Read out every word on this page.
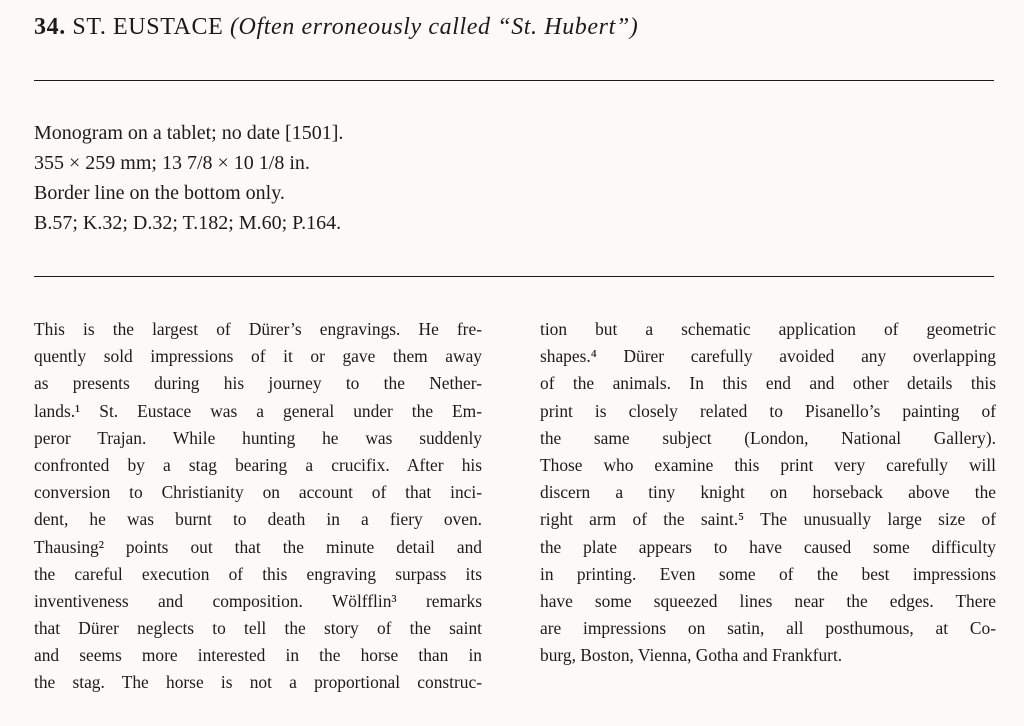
34. ST. EUSTACE (Often erroneously called “St. Hubert”)
Monogram on a tablet; no date [1501].
355 × 259 mm; 13 7/8 × 10 1/8 in.
Border line on the bottom only.
B.57; K.32; D.32; T.182; M.60; P.164.
This is the largest of Dürer’s engravings. He fre-
quently sold impressions of it or gave them away
as presents during his journey to the Nether-
lands.¹ St. Eustace was a general under the Em-
peror Trajan. While hunting he was suddenly
confronted by a stag bearing a crucifix. After his
conversion to Christianity on account of that inci-
dent, he was burnt to death in a fiery oven.
Thausing² points out that the minute detail and
the careful execution of this engraving surpass its
inventiveness and composition. Wölfflin³ remarks
that Dürer neglects to tell the story of the saint
and seems more interested in the horse than in
the stag. The horse is not a proportional construc-
tion but a schematic application of geometric
shapes.⁴ Dürer carefully avoided any overlapping
of the animals. In this end and other details this
print is closely related to Pisanello’s painting of
the same subject (London, National Gallery).
Those who examine this print very carefully will
discern a tiny knight on horseback above the
right arm of the saint.⁵ The unusually large size of
the plate appears to have caused some difficulty
in printing. Even some of the best impressions
have some squeezed lines near the edges. There
are impressions on satin, all posthumous, at Co-
burg, Boston, Vienna, Gotha and Frankfurt.
